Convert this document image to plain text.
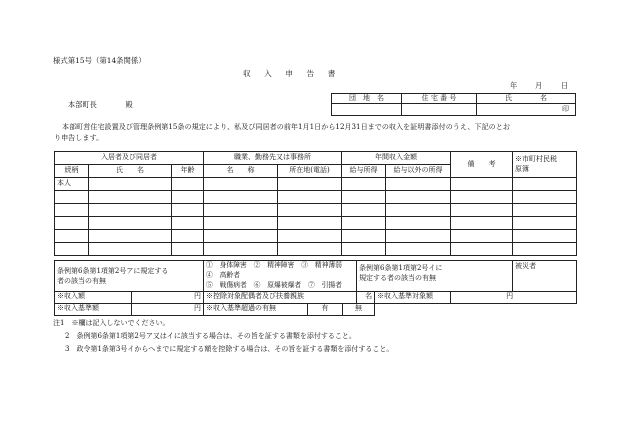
様式第15号（第14条関係）
収　入　申　告　書
年 月	日
本部町長　　　　殿
団　地　名	住 宅 番 号	氏　　　　名
		印
本部町営住宅設置及び管理条例第15条の規定により、私及び同居者の前年1月1日から12月31日までの収入を証明書添付のうえ、下記のとお
り申告します。
入居者及び同居者			職業、勤務先又は事務所		年間収入金額		備　　考	※市町村民税
原簿
続柄	氏　　名	年齢	名　　称	所在地(電話)	給与所得	給与以外の所得		
本人								

条例第6条第1項第2号アに規定する
者の該当の有無		①　身体障害　②　精神障害　③　精神薄弱　④　高齢者
⑤　戦傷病者　⑥　原爆被爆者　⑦　引揚者			条例第6条第1項第2号イに
規定する者の該当の有無			被災者
※収入額	円	※控除対象配偶者及び扶養親族			名	※収入基準対象額	円	
※収入基準額	円	※収入基準超過の有無	有	無				
注1　※欄は記入しないでください。
2　条例第6条第1項第2号ア又はイに該当する場合は、その旨を証する書類を添付すること。
3　政令第1条第3号イからへまでに規定する額を控除する場合は、その旨を証する書類を添付すること。
